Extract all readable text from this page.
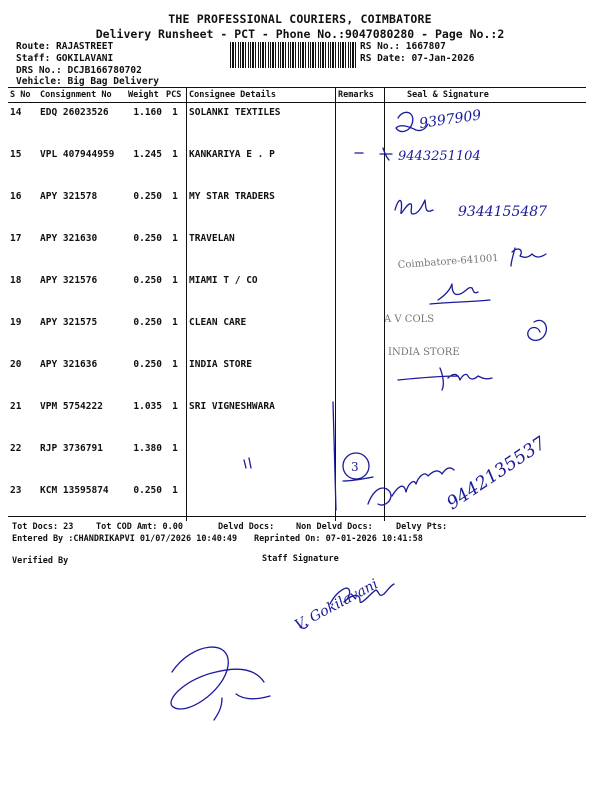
THE PROFESSIONAL COURIERS, COIMBATORE
Delivery Runsheet - PCT - Phone No.:9047080280 - Page No.:2
Route: RAJASTREET
Staff: GOKILAVANI
DRS No.: DCJB166780702
Vehicle: Big Bag Delivery
RS No.: 1667807
RS Date: 07-Jan-2026
S No	Consignment No	Weight	PCS	Consignee Details	Remarks	Seal & Signature
14	EDQ 26023526	1.160	1	SOLANKI TEXTILES		
15	VPL 407944959	1.245	1	KANKARIYA E . P		
16	APY 321578	0.250	1	MY STAR TRADERS		
17	APY 321630	0.250	1	TRAVELAN		
18	APY 321576	0.250	1	MIAMI T / CO		
19	APY 321575	0.250	1	CLEAN CARE		
20	APY 321636	0.250	1	INDIA STORE		
21	VPM 5754222	1.035	1	SRI VIGNESHWARA		
22	RJP 3736791	1.380	1			
23	KCM 13595874	0.250	1			
9397909
9443251104
9344155487
3	9442135537
V. Gokilavani
Coimbatore-641001
A V COLS
INDIA STORE
Tot Docs: 23	Tot COD Amt: 0.00	Delvd Docs:	Non Delvd Docs:	Delvy Pts:
Entered By :CHANDRIKAPVI 01/07/2026 10:40:49 Reprinted On: 07-01-2026 10:41:58
Verified By	Staff Signature
